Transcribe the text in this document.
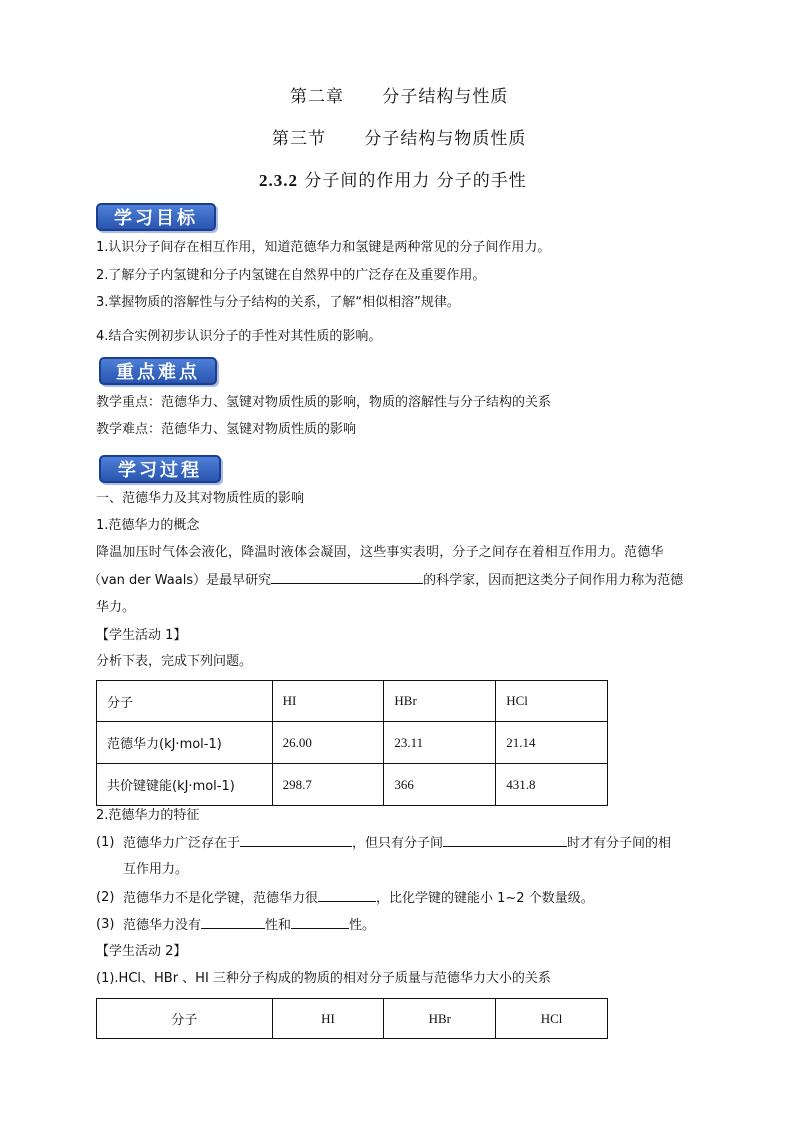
第二章      分子结构与性质
第三节      分子结构与物质性质
2.3.2 分子间的作用力 分子的手性
学习目标
1.认识分子间存在相互作用，知道范德华力和氢键是两种常见的分子间作用力。
2.了解分子内氢键和分子内氢键在自然界中的广泛存在及重要作用。
3.掌握物质的溶解性与分子结构的关系，了解“相似相溶”规律。
4.结合实例初步认识分子的手性对其性质的影响。
重点难点
教学重点：范德华力、氢键对物质性质的影响，物质的溶解性与分子结构的关系
教学难点：范德华力、氢键对物质性质的影响
学习过程
一、范德华力及其对物质性质的影响
1.范德华力的概念
降温加压时气体会液化，降温时液体会凝固，这些事实表明，分子之间存在着相互作用力。范德华
（van der Waals）是最早研究	的科学家，因而把这类分子间作用力称为范德
华力。
【学生活动 1】
分析下表，完成下列问题。
分子	HI	HBr	HCl
范德华力(kJ·mol-1)	26.00	23.11	21.14
共价键键能(kJ·mol-1)	298.7	366	431.8
2.范德华力的特征
(1) 范德华力广泛存在于	，但只有分子间	时才有分子间的相
互作用力。
(2) 范德华力不是化学键，范德华力很	，比化学键的键能小 1~2 个数量级。
(3) 范德华力没有	性和	性。
【学生活动 2】
(1).HCl、HBr 、HI 三种分子构成的物质的相对分子质量与范德华力大小的关系
分子	HI	HBr	HCl
